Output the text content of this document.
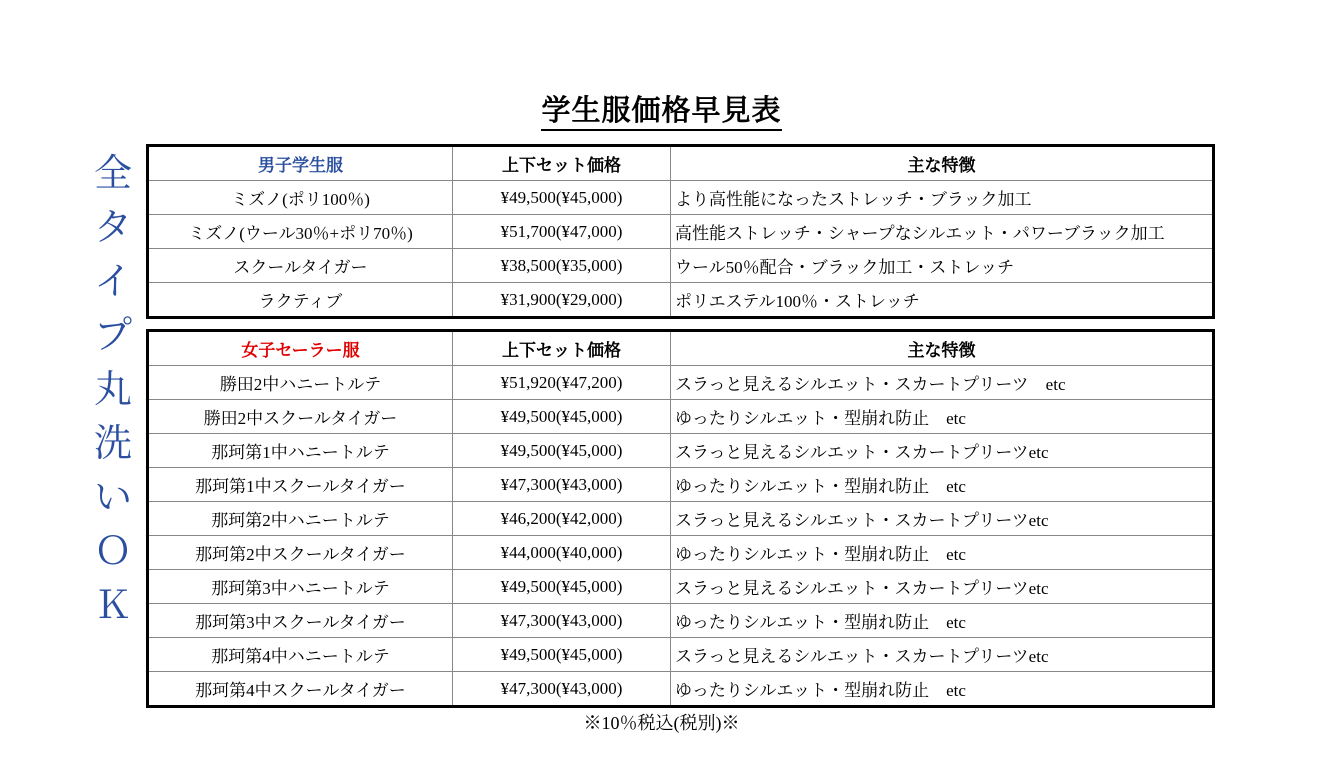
学生服価格早見表
全
タ
イ
プ
丸
洗
い
Ｏ
Ｋ
男子学生服	上下セット価格	主な特徴
ミズノ(ポリ100％)	¥49,500(¥45,000)	より高性能になったストレッチ・ブラック加工
ミズノ(ウール30％+ポリ70％)	¥51,700(¥47,000)	高性能ストレッチ・シャープなシルエット・パワーブラック加工
スクールタイガー	¥38,500(¥35,000)	ウール50％配合・ブラック加工・ストレッチ
ラクティブ	¥31,900(¥29,000)	ポリエステル100％・ストレッチ
女子セーラー服	上下セット価格	主な特徴
勝田2中ハニートルテ	¥51,920(¥47,200)	スラっと見えるシルエット・スカートプリーツ　etc
勝田2中スクールタイガー	¥49,500(¥45,000)	ゆったりシルエット・型崩れ防止　etc
那珂第1中ハニートルテ	¥49,500(¥45,000)	スラっと見えるシルエット・スカートプリーツetc
那珂第1中スクールタイガー	¥47,300(¥43,000)	ゆったりシルエット・型崩れ防止　etc
那珂第2中ハニートルテ	¥46,200(¥42,000)	スラっと見えるシルエット・スカートプリーツetc
那珂第2中スクールタイガー	¥44,000(¥40,000)	ゆったりシルエット・型崩れ防止　etc
那珂第3中ハニートルテ	¥49,500(¥45,000)	スラっと見えるシルエット・スカートプリーツetc
那珂第3中スクールタイガー	¥47,300(¥43,000)	ゆったりシルエット・型崩れ防止　etc
那珂第4中ハニートルテ	¥49,500(¥45,000)	スラっと見えるシルエット・スカートプリーツetc
那珂第4中スクールタイガー	¥47,300(¥43,000)	ゆったりシルエット・型崩れ防止　etc
※10％税込(税別)※
